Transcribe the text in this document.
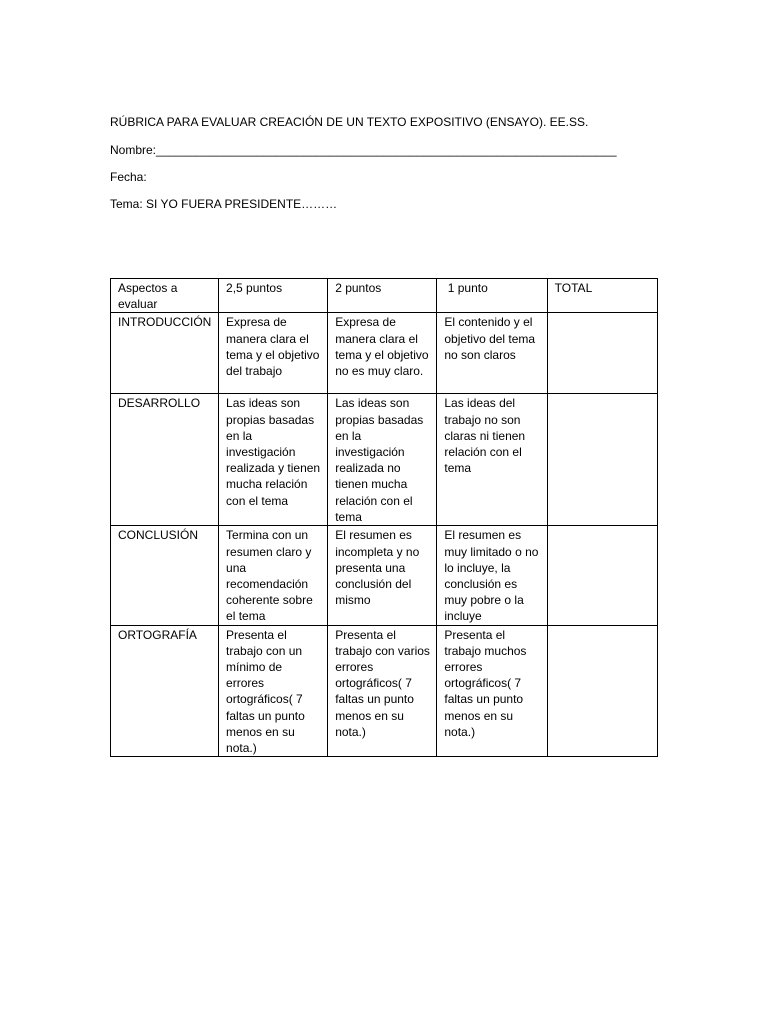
RÚBRICA PARA EVALUAR CREACIÓN DE UN TEXTO EXPOSITIVO (ENSAYO). EE.SS.
Nombre:_____________________________________________________________________
Fecha:
Tema: SI YO FUERA PRESIDENTE………
Aspectos a evaluar	2,5 puntos	2 puntos	1 punto	TOTAL
INTRODUCCIÓN	Expresa de manera clara el tema y el objetivo del trabajo	Expresa de manera clara el tema y el objetivo no es muy claro.	El contenido y el objetivo del tema no son claros	
DESARROLLO	Las ideas son propias basadas en la investigación realizada y tienen mucha relación con el tema	Las ideas son propias basadas en la investigación realizada no tienen mucha relación con el tema	Las ideas del trabajo no son claras ni tienen relación con el tema	
CONCLUSIÓN	Termina con un resumen claro y una recomendación coherente sobre el tema	El resumen es incompleta y no presenta una conclusión del mismo	El resumen es muy limitado o no lo incluye, la conclusión es muy pobre o la incluye	
ORTOGRAFÍA	Presenta el trabajo con un mínimo de errores ortográficos( 7 faltas un punto menos en su nota.)	Presenta el trabajo con varios errores ortográficos( 7 faltas un punto menos en su nota.)	Presenta el trabajo muchos errores ortográficos( 7 faltas un punto menos en su nota.)	
